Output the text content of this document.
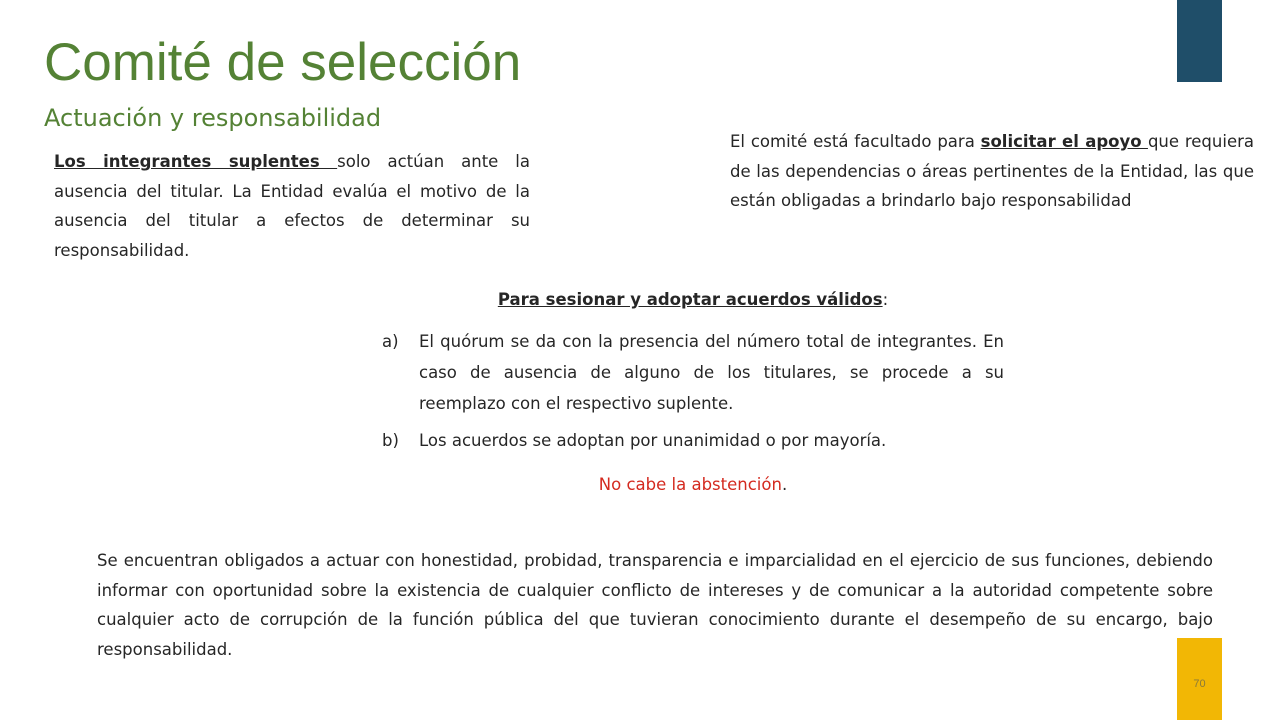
70
Comité de selección
Actuación y responsabilidad

Los integrantes suplentes solo actúan ante la ausencia del titular. La Entidad evalúa el motivo de la ausencia del titular a efectos de determinar su responsabilidad.

El comité está facultado para solicitar el apoyo que requiera de las dependencias o áreas pertinentes de la Entidad, las que están obligadas a brindarlo bajo responsabilidad

Para sesionar y adoptar acuerdos válidos:

a) El quórum se da con la presencia del número total de integrantes. En caso de ausencia de alguno de los titulares, se procede a su reemplazo con el respectivo suplente.
b) Los acuerdos se adoptan por unanimidad o por mayoría.

No cabe la abstención.

Se encuentran obligados a actuar con honestidad, probidad, transparencia e imparcialidad en el ejercicio de sus funciones, debiendo informar con oportunidad sobre la existencia de cualquier conflicto de intereses y de comunicar a la autoridad competente sobre cualquier acto de corrupción de la función pública del que tuvieran conocimiento durante el desempeño de su encargo, bajo responsabilidad.
